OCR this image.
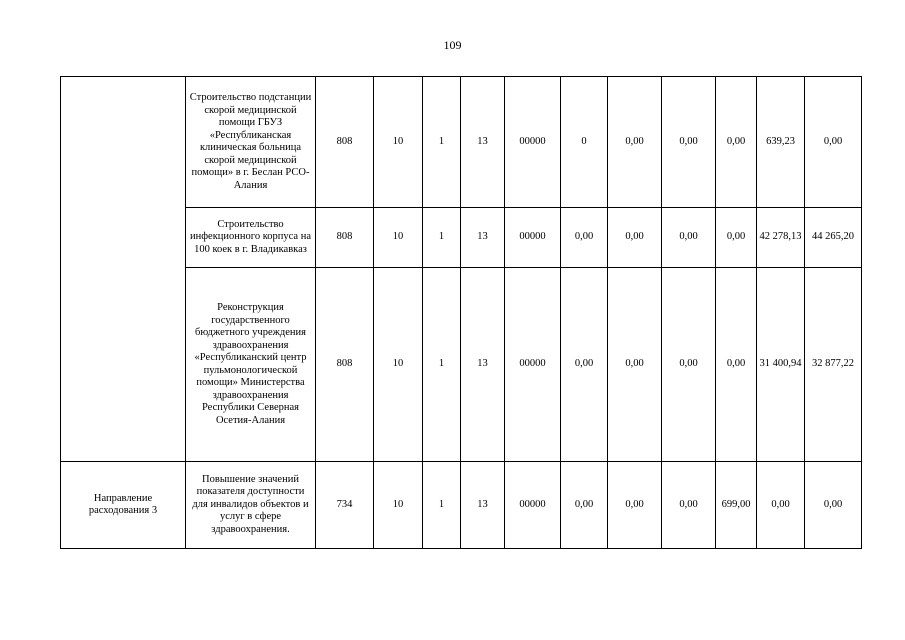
109
	Строительство подстанции скорой медицинской помощи ГБУЗ «Республиканская клиническая больница скорой медицинской помощи» в г. Беслан РСО-Алания	808	10	1	13	00000	0	0,00	0,00	0,00	639,23	0,00
	Строительство инфекционного корпуса на 100 коек в г. Владикавказ	808	10	1	13	00000	0,00	0,00	0,00	0,00	42 278,13	44 265,20
	Реконструкция государственного бюджетного учреждения здравоохранения «Республиканский центр пульмонологической помощи» Министерства здравоохранения Республики Северная Осетия-Алания	808	10	1	13	00000	0,00	0,00	0,00	0,00	31 400,94	32 877,22
Направление расходования 3	Повышение значений показателя доступности для инвалидов объектов и услуг в сфере здравоохранения.	734	10	1	13	00000	0,00	0,00	0,00	699,00	0,00	0,00
